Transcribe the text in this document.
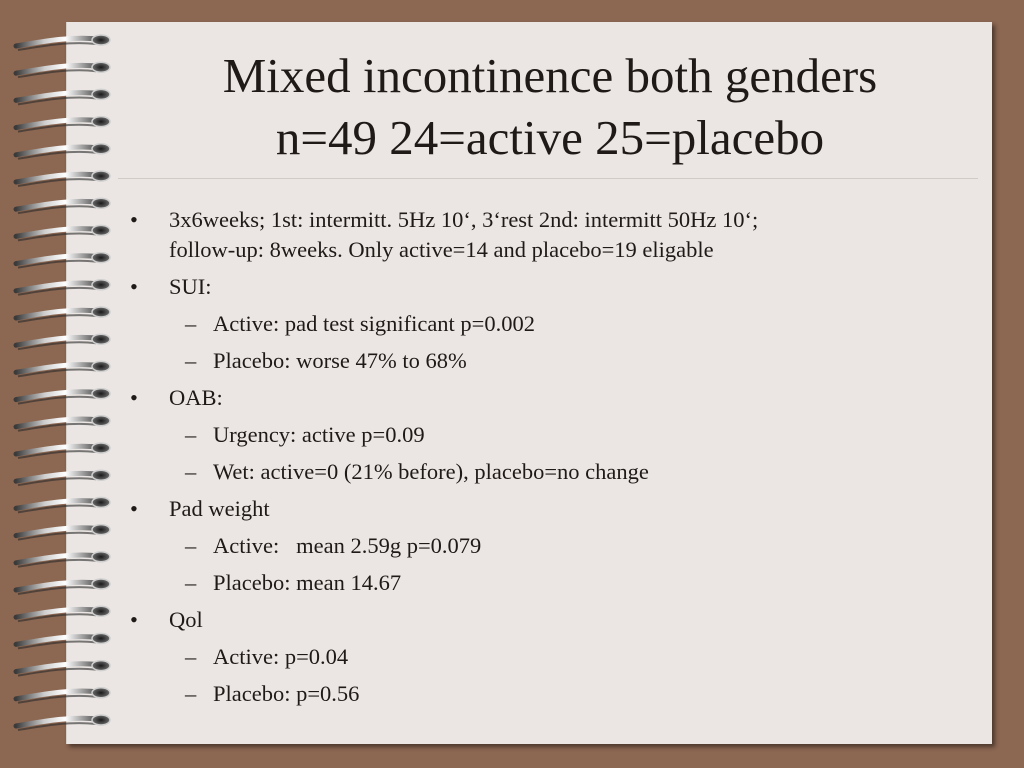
Mixed incontinence both genders
n=49 24=active 25=placebo
• 3x6weeks; 1st: intermitt. 5Hz 10‘, 3‘rest 2nd: intermitt 50Hz 10‘;
follow-up: 8weeks. Only active=14 and placebo=19 eligable
• SUI:
– Active: pad test significant p=0.002
– Placebo: worse 47% to 68%
• OAB:
– Urgency: active p=0.09
– Wet: active=0 (21% before), placebo=no change
• Pad weight
– Active:   mean 2.59g p=0.079
– Placebo: mean 14.67
• Qol
– Active: p=0.04
– Placebo: p=0.56
